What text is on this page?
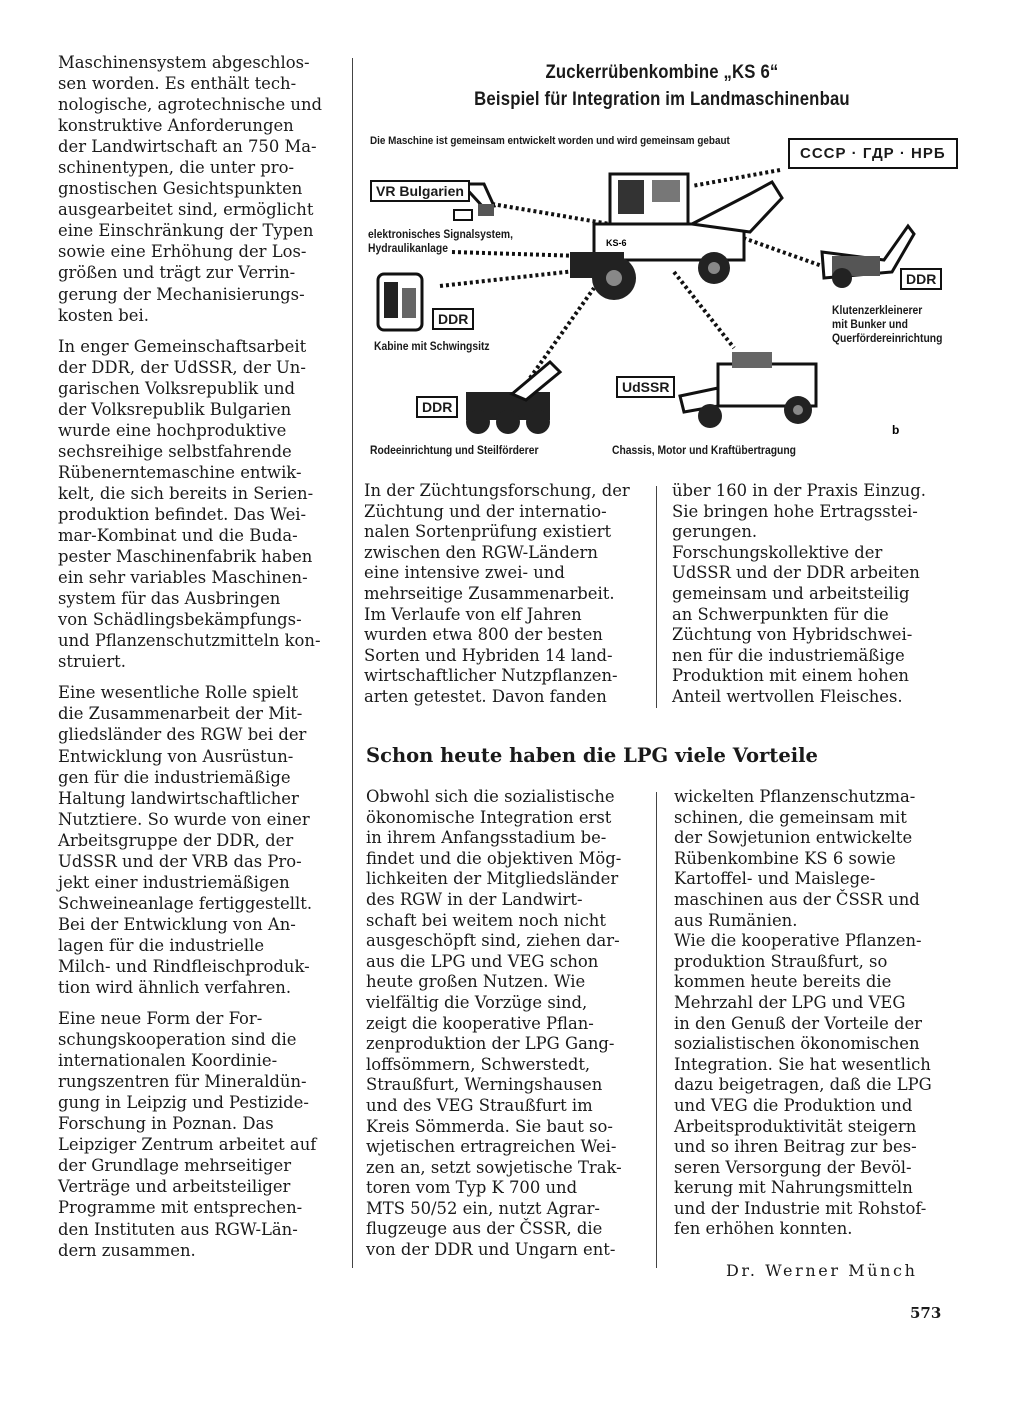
Maschinensystem abgeschlos-
sen worden. Es enthält tech-
nologische, agrotechnische und
konstruktive Anforderungen
der Landwirtschaft an 750 Ma-
schinentypen, die unter pro-
gnostischen Gesichtspunkten
ausgearbeitet sind, ermöglicht
eine Einschränkung der Typen
sowie eine Erhöhung der Los-
größen und trägt zur Verrin-
gerung der Mechanisierungs-
kosten bei.

In enger Gemeinschaftsarbeit
der DDR, der UdSSR, der Un-
garischen Volksrepublik und
der Volksrepublik Bulgarien
wurde eine hochproduktive
sechsreihige selbstfahrende
Rübenerntemaschine entwik-
kelt, die sich bereits in Serien-
produktion befindet. Das Wei-
mar-Kombinat und die Buda-
pester Maschinenfabrik haben
ein sehr variables Maschinen-
system für das Ausbringen
von Schädlingsbekämpfungs-
und Pflanzenschutzmitteln kon-
struiert.

Eine wesentliche Rolle spielt
die Zusammenarbeit der Mit-
gliedsländer des RGW bei der
Entwicklung von Ausrüstun-
gen für die industriemäßige
Haltung landwirtschaftlicher
Nutztiere. So wurde von einer
Arbeitsgruppe der DDR, der
UdSSR und der VRB das Pro-
jekt einer industriemäßigen
Schweineanlage fertiggestellt.
Bei der Entwicklung von An-
lagen für die industrielle
Milch- und Rindfleischproduk-
tion wird ähnlich verfahren.

Eine neue Form der For-
schungskooperation sind die
internationalen Koordinie-
rungszentren für Mineraldün-
gung in Leipzig und Pestizide-
Forschung in Poznan. Das
Leipziger Zentrum arbeitet auf
der Grundlage mehrseitiger
Verträge und arbeitsteiliger
Programme mit entsprechen-
den Instituten aus RGW-Län-
dern zusammen.

Zuckerrübenkombine „KS 6“
Beispiel für Integration im Landmaschinenbau
Die Maschine ist gemeinsam entwickelt worden und wird gemeinsam gebaut
СССР · ГДР · НРБ
KS-6
b
VR Bulgarien
elektronisches Signalsystem,
Hydraulikanlage
DDR
Kabine mit Schwingsitz
DDR
Klutenzerkleinerer
mit Bunker und
Querfördereinrichtung
DDR
Rodeeinrichtung und Steilförderer
UdSSR
Chassis, Motor und Kraftübertragung
In der Züchtungsforschung, der
Züchtung und der internatio-
nalen Sortenprüfung existiert
zwischen den RGW-Ländern
eine intensive zwei- und
mehrseitige Zusammenarbeit.
Im Verlaufe von elf Jahren
wurden etwa 800 der besten
Sorten und Hybriden 14 land-
wirtschaftlicher Nutzpflanzen-
arten getestet. Davon fanden

über 160 in der Praxis Einzug.
Sie bringen hohe Ertragsstei-
gerungen.

Forschungskollektive der
UdSSR und der DDR arbeiten
gemeinsam und arbeitsteilig
an Schwerpunkten für die
Züchtung von Hybridschwei-
nen für die industriemäßige
Produktion mit einem hohen
Anteil wertvollen Fleisches.

Schon heute haben die LPG viele Vorteile
Obwohl sich die sozialistische
ökonomische Integration erst
in ihrem Anfangsstadium be-
findet und die objektiven Mög-
lichkeiten der Mitgliedsländer
des RGW in der Landwirt-
schaft bei weitem noch nicht
ausgeschöpft sind, ziehen dar-
aus die LPG und VEG schon
heute großen Nutzen. Wie
vielfältig die Vorzüge sind,
zeigt die kooperative Pflan-
zenproduktion der LPG Gang-
loffsömmern, Schwerstedt,
Straußfurt, Werningshausen
und des VEG Straußfurt im
Kreis Sömmerda. Sie baut so-
wjetischen ertragreichen Wei-
zen an, setzt sowjetische Trak-
toren vom Typ K 700 und
MTS 50/52 ein, nutzt Agrar-
flugzeuge aus der ČSSR, die
von der DDR und Ungarn ent-

wickelten Pflanzenschutzma-
schinen, die gemeinsam mit
der Sowjetunion entwickelte
Rübenkombine KS 6 sowie
Kartoffel- und Maislege-
maschinen aus der ČSSR und
aus Rumänien.

Wie die kooperative Pflanzen-
produktion Straußfurt, so
kommen heute bereits die
Mehrzahl der LPG und VEG
in den Genuß der Vorteile der
sozialistischen ökonomischen
Integration. Sie hat wesentlich
dazu beigetragen, daß die LPG
und VEG die Produktion und
Arbeitsproduktivität steigern
und so ihren Beitrag zur bes-
seren Versorgung der Bevöl-
kerung mit Nahrungsmitteln
und der Industrie mit Rohstof-
fen erhöhen konnten.

Dr. Werner Münch
573
